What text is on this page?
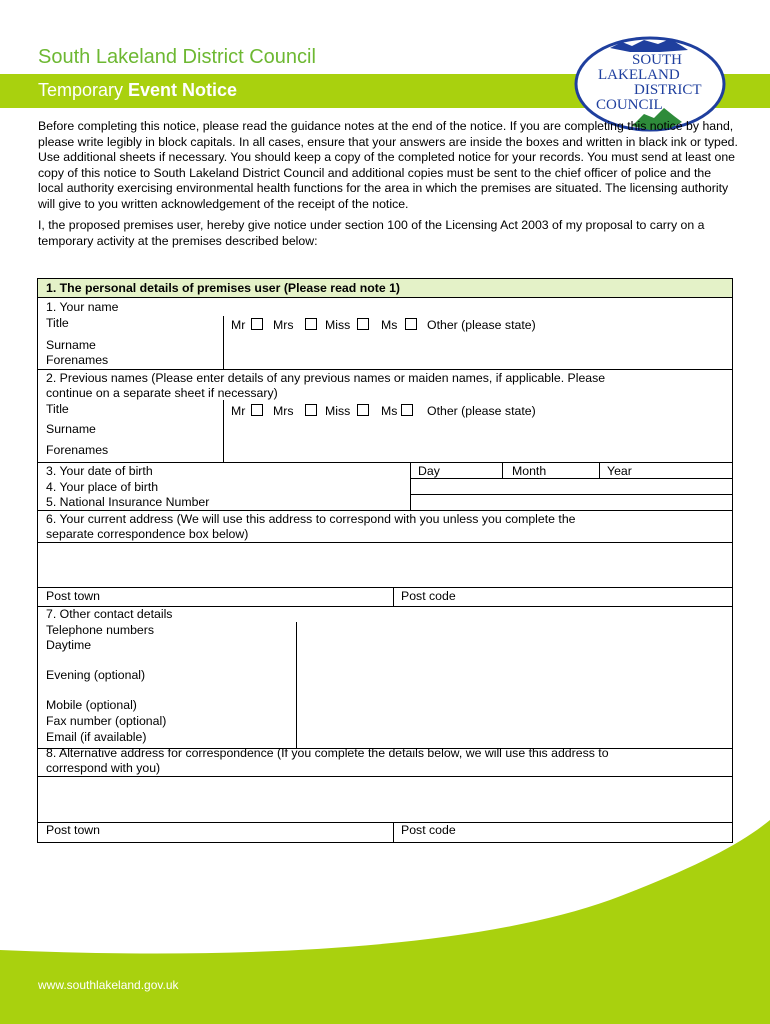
South Lakeland District Council
Temporary Event Notice
SOUTH
LAKELAND
DISTRICT
COUNCIL

Before completing this notice, please read the guidance notes at the end of the notice. If you are completing this notice by hand, please write legibly in block capitals. In all cases, ensure that your answers are inside the boxes and written in black ink or typed. Use additional sheets if necessary. You should keep a copy of the completed notice for your records. You must send at least one copy of this notice to South Lakeland District Council and additional copies must be sent to the chief officer of police and the local authority exercising environmental health functions for the area in which the premises are situated. The licensing authority will give to you written acknowledgement of the receipt of the notice.

I, the proposed premises user, hereby give notice under section 100 of the Licensing Act 2003 of my proposal to carry on a temporary activity at the premises described below:

1. The personal details of premises user (Please read note 1)
1. Your name
Title	Mr Mrs	Miss Ms Other (please state)
Surname
Forenames
2. Previous names (Please enter details of any previous names or maiden names, if applicable. Please
continue on a separate sheet if necessary)
Title	Mr Mrs	Miss Ms Other (please state)
Surname
Forenames
3. Your date of birth	Day	Month	Year
4. Your place of birth
5. National Insurance Number
6. Your current address (We will use this address to correspond with you unless you complete the
separate correspondence box below)
Post town	Post code
7. Other contact details
Telephone numbers
Daytime
Evening (optional)
Mobile (optional)
Fax number (optional)
Email (if available)
8. Alternative address for correspondence (If you complete the details below, we will use this address to
correspond with you)
Post town	Post code
www.southlakeland.gov.uk
